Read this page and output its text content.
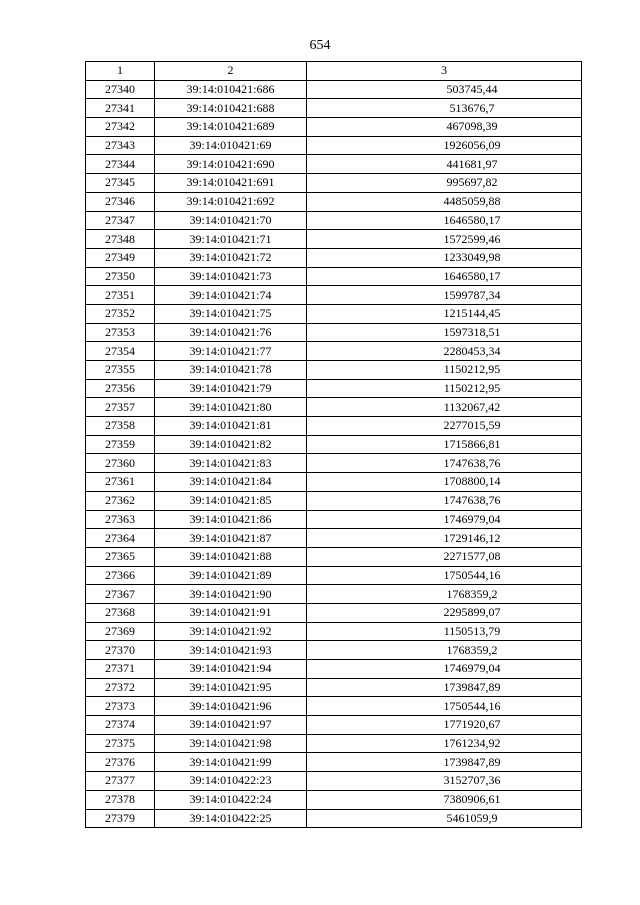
654
1	2	3
27340	39:14:010421:686	503745,44
27341	39:14:010421:688	513676,7
27342	39:14:010421:689	467098,39
27343	39:14:010421:69	1926056,09
27344	39:14:010421:690	441681,97
27345	39:14:010421:691	995697,82
27346	39:14:010421:692	4485059,88
27347	39:14:010421:70	1646580,17
27348	39:14:010421:71	1572599,46
27349	39:14:010421:72	1233049,98
27350	39:14:010421:73	1646580,17
27351	39:14:010421:74	1599787,34
27352	39:14:010421:75	1215144,45
27353	39:14:010421:76	1597318,51
27354	39:14:010421:77	2280453,34
27355	39:14:010421:78	1150212,95
27356	39:14:010421:79	1150212,95
27357	39:14:010421:80	1132067,42
27358	39:14:010421:81	2277015,59
27359	39:14:010421:82	1715866,81
27360	39:14:010421:83	1747638,76
27361	39:14:010421:84	1708800,14
27362	39:14:010421:85	1747638,76
27363	39:14:010421:86	1746979,04
27364	39:14:010421:87	1729146,12
27365	39:14:010421:88	2271577,08
27366	39:14:010421:89	1750544,16
27367	39:14:010421:90	1768359,2
27368	39:14:010421:91	2295899,07
27369	39:14:010421:92	1150513,79
27370	39:14:010421:93	1768359,2
27371	39:14:010421:94	1746979,04
27372	39:14:010421:95	1739847,89
27373	39:14:010421:96	1750544,16
27374	39:14:010421:97	1771920,67
27375	39:14:010421:98	1761234,92
27376	39:14:010421:99	1739847,89
27377	39:14:010422:23	3152707,36
27378	39:14:010422:24	7380906,61
27379	39:14:010422:25	5461059,9
